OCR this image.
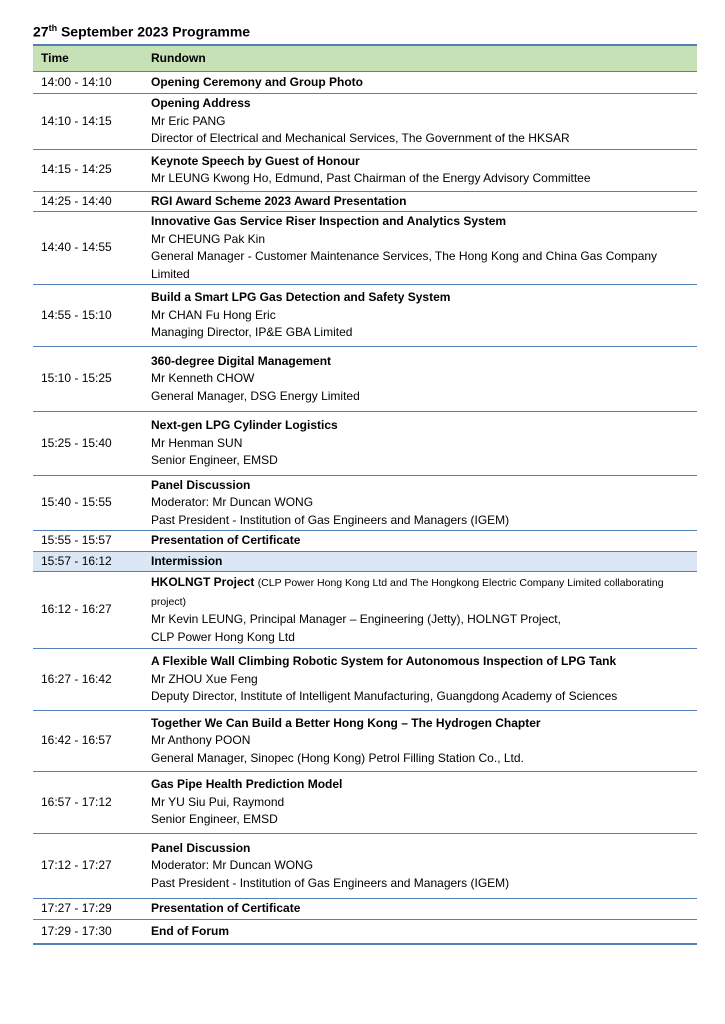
27th September 2023 Programme
Time	Rundown
14:00 - 14:10	Opening Ceremony and Group Photo

14:10 - 14:15	Opening Address
Mr Eric PANG
Director of Electrical and Mechanical Services, The Government of the HKSAR

14:15 - 14:25	Keynote Speech by Guest of Honour
Mr LEUNG Kwong Ho, Edmund, Past Chairman of the Energy Advisory Committee

14:25 - 14:40	RGI Award Scheme 2023 Award Presentation

14:40 - 14:55	Innovative Gas Service Riser Inspection and Analytics System
Mr CHEUNG Pak Kin
General Manager - Customer Maintenance Services, The Hong Kong and China Gas Company Limited

14:55 - 15:10	Build a Smart LPG Gas Detection and Safety System
Mr CHAN Fu Hong Eric
Managing Director, IP&E GBA Limited

15:10 - 15:25	360-degree Digital Management
Mr Kenneth CHOW
General Manager, DSG Energy Limited

15:25 - 15:40	Next-gen LPG Cylinder Logistics
Mr Henman SUN
Senior Engineer, EMSD

15:40 - 15:55	Panel Discussion
Moderator: Mr Duncan WONG
Past President - Institution of Gas Engineers and Managers (IGEM)

15:55 - 15:57	Presentation of Certificate

15:57 - 16:12	Intermission

16:12 - 16:27	HKOLNGT Project (CLP Power Hong Kong Ltd and The Hongkong Electric Company Limited collaborating project)
Mr Kevin LEUNG, Principal Manager – Engineering (Jetty), HOLNGT Project,
CLP Power Hong Kong Ltd

16:27 - 16:42	A Flexible Wall Climbing Robotic System for Autonomous Inspection of LPG Tank
Mr ZHOU Xue Feng
Deputy Director, Institute of Intelligent Manufacturing, Guangdong Academy of Sciences

16:42 - 16:57	Together We Can Build a Better Hong Kong – The Hydrogen Chapter
Mr Anthony POON
General Manager, Sinopec (Hong Kong) Petrol Filling Station Co., Ltd.

16:57 - 17:12	Gas Pipe Health Prediction Model
Mr YU Siu Pui, Raymond
Senior Engineer, EMSD

17:12 - 17:27	Panel Discussion
Moderator: Mr Duncan WONG
Past President - Institution of Gas Engineers and Managers (IGEM)

17:27 - 17:29	Presentation of Certificate

17:29 - 17:30	End of Forum
